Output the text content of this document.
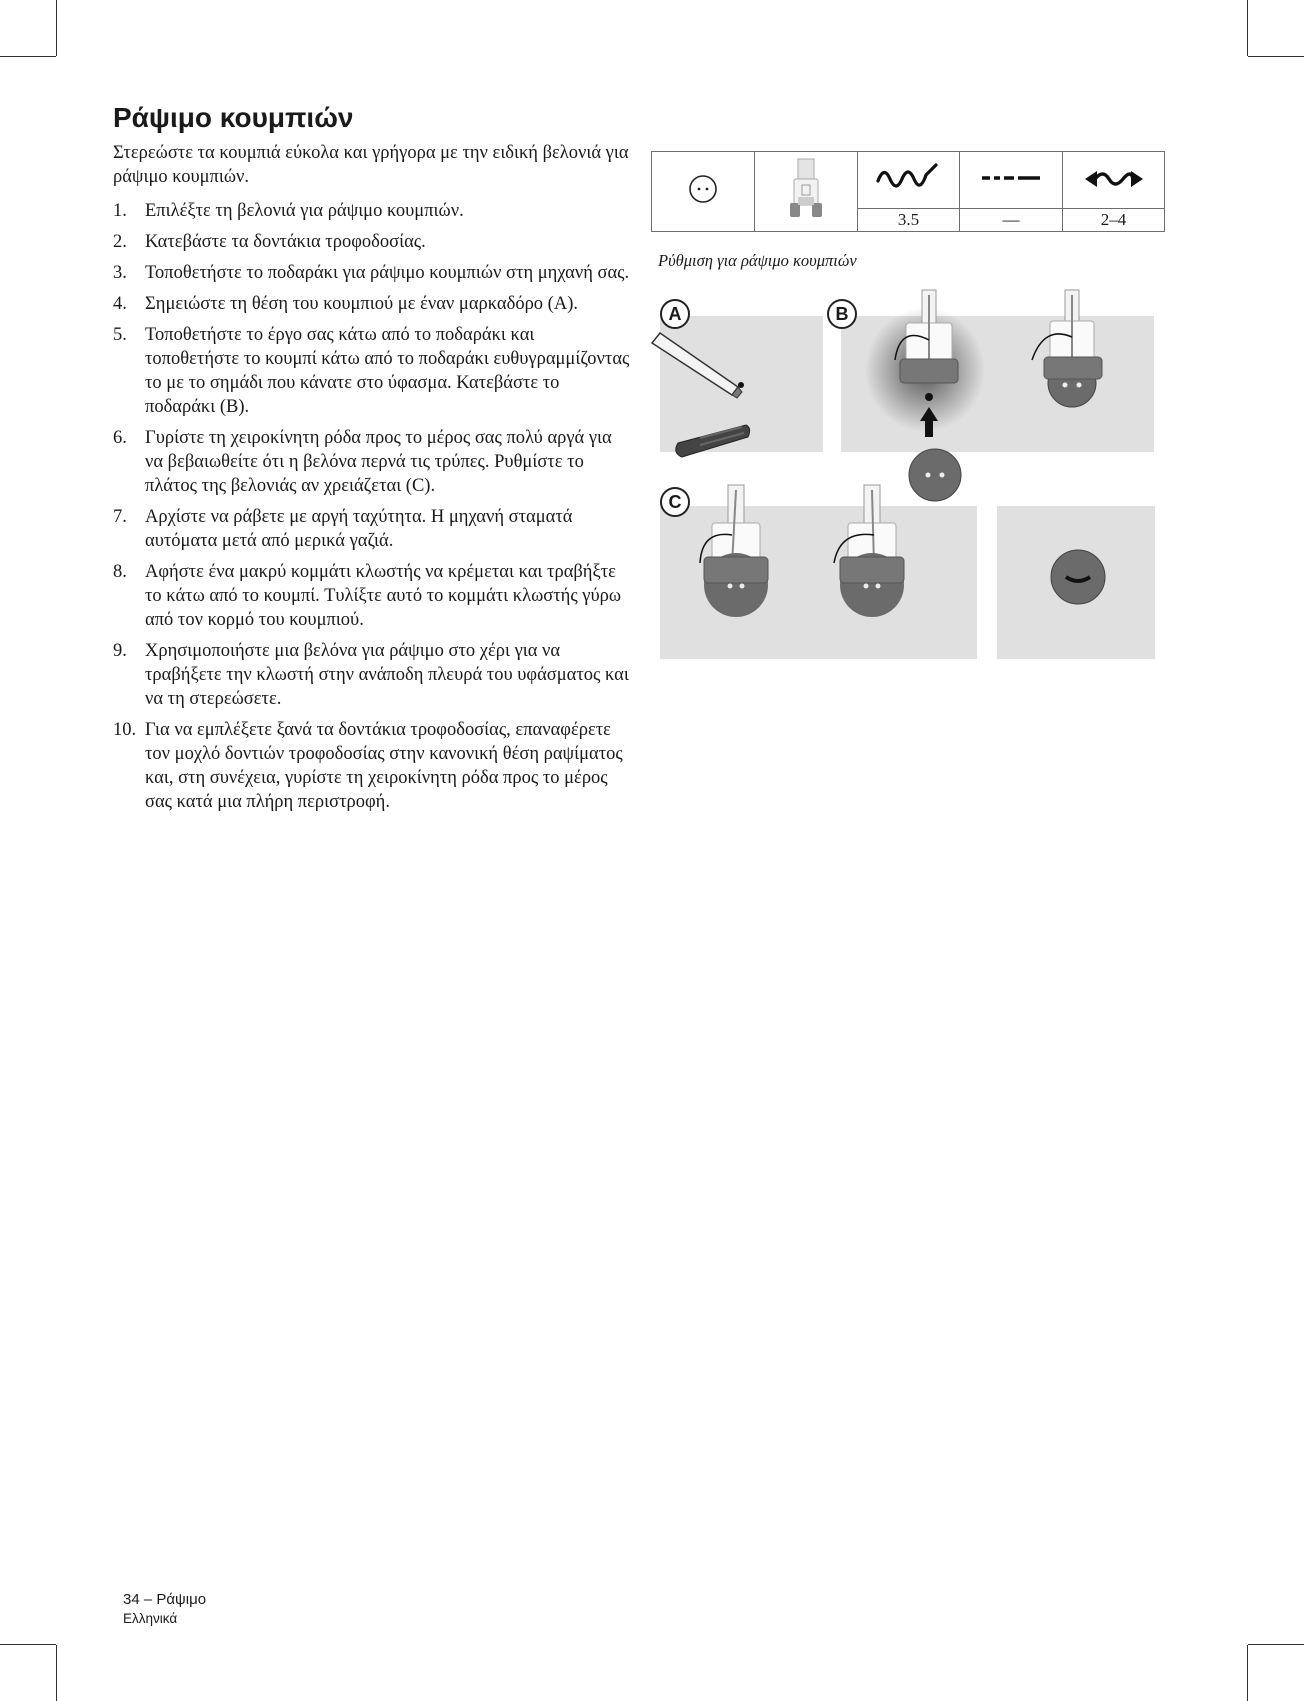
Ράψιμο κουμπιών

Στερεώστε τα κουμπιά εύκολα και γρήγορα με την ειδική βελονιά για ράψιμο κουμπιών.

1. Επιλέξτε τη βελονιά για ράψιμο κουμπιών.
2. Κατεβάστε τα δοντάκια τροφοδοσίας.
3. Τοποθετήστε το ποδαράκι για ράψιμο κουμπιών στη μηχανή σας.
4. Σημειώστε τη θέση του κουμπιού με έναν μαρκαδόρο (A).
5. Τοποθετήστε το έργο σας κάτω από το ποδαράκι και τοποθετήστε το κουμπί κάτω από το ποδαράκι ευθυγραμμίζοντας το με το σημάδι που κάνατε στο ύφασμα. Κατεβάστε το ποδαράκι (B).
6. Γυρίστε τη χειροκίνητη ρόδα προς το μέρος σας πολύ αργά για να βεβαιωθείτε ότι η βελόνα περνά τις τρύπες. Ρυθμίστε το πλάτος της βελονιάς αν χρειάζεται (C).
7. Αρχίστε να ράβετε με αργή ταχύτητα. Η μηχανή σταματά αυτόματα μετά από μερικά γαζιά.
8. Αφήστε ένα μακρύ κομμάτι κλωστής να κρέμεται και τραβήξτε το κάτω από το κουμπί. Τυλίξτε αυτό το κομμάτι κλωστής γύρω από τον κορμό του κουμπιού.
9. Χρησιμοποιήστε μια βελόνα για ράψιμο στο χέρι για να τραβήξετε την κλωστή στην ανάποδη πλευρά του υφάσματος και να τη στερεώσετε.
10. Για να εμπλέξετε ξανά τα δοντάκια τροφοδοσίας, επαναφέρετε τον μοχλό δοντιών τροφοδοσίας στην κανονική θέση ραψίματος και, στη συνέχεια, γυρίστε τη χειροκίνητη ρόδα προς το μέρος σας κατά μια πλήρη περιστροφή.

		3.5	—	2–4

Ρύθμιση για ράψιμο κουμπιών

A	B
C

34 – Ράψιμο

Ελληνικά
